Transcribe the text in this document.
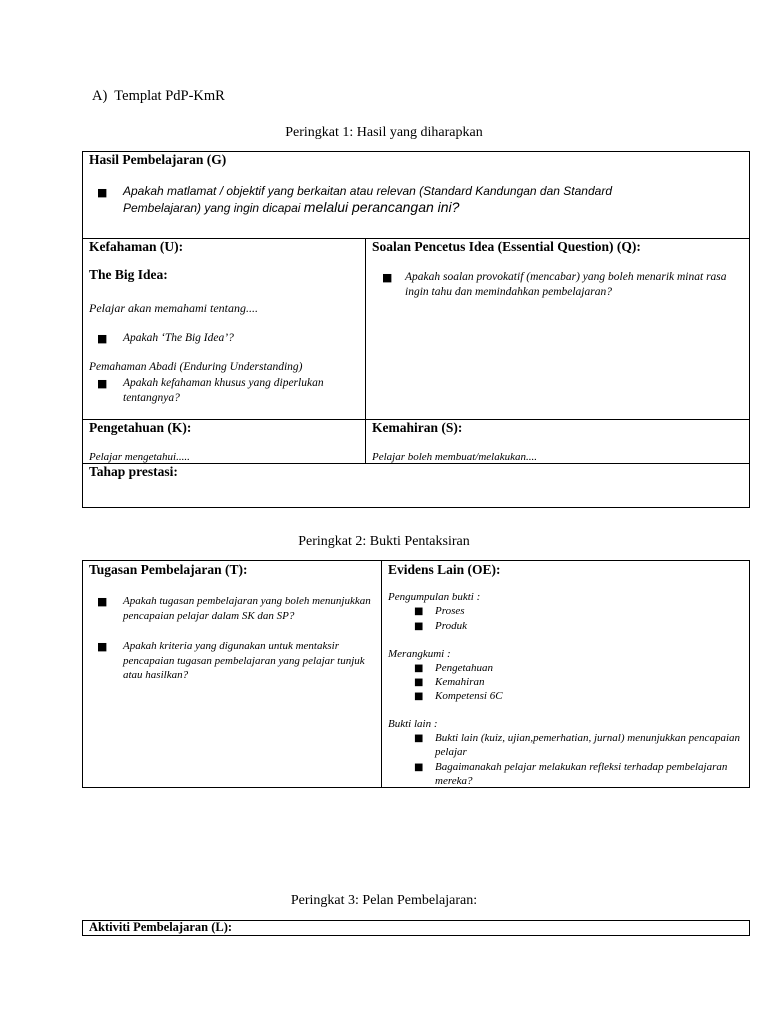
A)  Templat PdP-KmR
Peringkat 1: Hasil yang diharapkan
Hasil Pembelajaran (G)
■ Apakah matlamat / objektif yang berkaitan atau relevan (Standard Kandungan dan Standard Pembelajaran) yang ingin dicapai melalui perancangan ini?
Kefahaman (U):
The Big Idea:
Pelajar akan memahami tentang....
■ Apakah ‘The Big Idea’?
Pemahaman Abadi (Enduring Understanding)
■ Apakah kefahaman khusus yang diperlukan tentangnya?
Soalan Pencetus Idea (Essential Question) (Q):
■ Apakah soalan provokatif (mencabar) yang boleh menarik minat rasa ingin tahu dan memindahkan pembelajaran?
Pengetahuan (K):
Pelajar mengetahui.....
Kemahiran (S):
Pelajar boleh membuat/melakukan....
Tahap prestasi:
Peringkat 2: Bukti Pentaksiran
Tugasan Pembelajaran (T):
■ Apakah tugasan pembelajaran yang boleh menunjukkan pencapaian pelajar dalam SK dan SP?
■ Apakah kriteria yang digunakan untuk mentaksir pencapaian tugasan pembelajaran yang pelajar tunjuk atau hasilkan?
Evidens Lain (OE):
Pengumpulan bukti :
■ Proses
■ Produk
Merangkumi :
■ Pengetahuan
■ Kemahiran
■ Kompetensi 6C
Bukti lain :
■ Bukti lain (kuiz, ujian,pemerhatian, jurnal) menunjukkan pencapaian pelajar
■ Bagaimanakah pelajar melakukan refleksi terhadap pembelajaran mereka?
Peringkat 3: Pelan Pembelajaran:
Aktiviti Pembelajaran (L):
